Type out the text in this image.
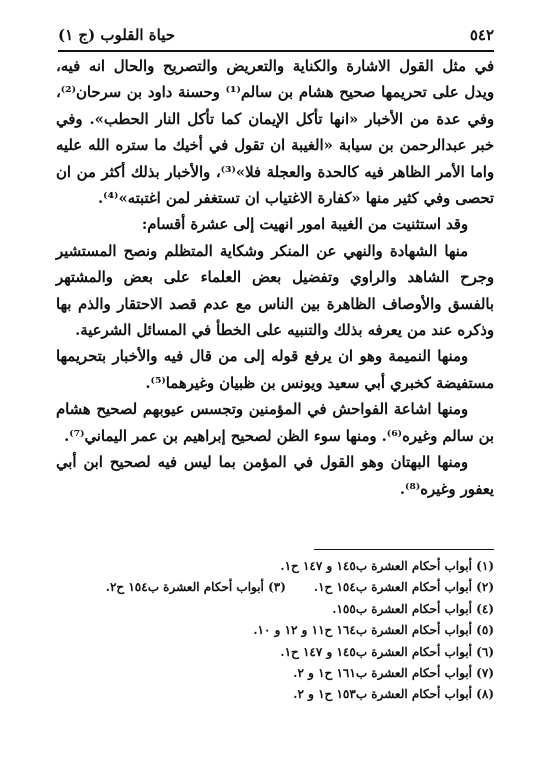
٥٤٢
حياة القلوب (ج ١)

في مثل القول الاشارة والكناية والتعريض والتصريح والحال انه فيه، ويدل على تحريمها صحيح هشام بن سالم⁽¹⁾ وحسنة داود بن سرحان⁽²⁾، وفي عدة من الأخبار «انها تأكل الإيمان كما تأكل النار الحطب». وفي خبر عبدالرحمن بن سيابة «الغيبة ان تقول في أخيك ما ستره الله عليه واما الأمر الظاهر فيه كالحدة والعجلة فلا»⁽³⁾، والأخبار بذلك أكثر من ان تحصى وفي كثير منها «كفارة الاغتياب ان تستغفر لمن اغتبته»⁽⁴⁾.

وقد استثنيت من الغيبة امور انهيت إلى عشرة أقسام:

منها الشهادة والنهي عن المنكر وشكاية المتظلم ونصح المستشير وجرح الشاهد والراوي وتفضيل بعض العلماء على بعض والمشتهر بالفسق والأوصاف الظاهرة بين الناس مع عدم قصد الاحتقار والذم بها وذكره عند من يعرفه بذلك والتنبيه على الخطأ في المسائل الشرعية.

ومنها النميمة وهو ان يرفع قوله إلى من قال فيه والأخبار بتحريمها مستفيضة كخبري أبي سعيد ويونس بن ظبيان وغيرهما⁽⁵⁾.

ومنها اشاعة الفواحش في المؤمنين وتجسس عيوبهم لصحيح هشام بن سالم وغيره⁽⁶⁾. ومنها سوء الظن لصحيح إبراهيم بن عمر اليماني⁽⁷⁾.

ومنها البهتان وهو القول في المؤمن بما ليس فيه لصحيح ابن أبي يعفور وغيره⁽⁸⁾.

(١) أبواب أحكام العشرة ب١٤٥ و ١٤٧ ح١.
(٢) أبواب أحكام العشرة ب١٥٤ ح١.
(٣) أبواب أحكام العشرة ب١٥٤ ح٢.
(٤) أبواب أحكام العشرة ب١٥٥.
(٥) أبواب أحكام العشرة ب١٦٤ ح١١ و ١٢ و ١٠.
(٦) أبواب أحكام العشرة ب١٤٥ و ١٤٧ ح١.
(٧) أبواب أحكام العشرة ب١٦١ ح١ و ٢.
(٨) أبواب أحكام العشرة ب١٥٣ ح١ و ٢.
